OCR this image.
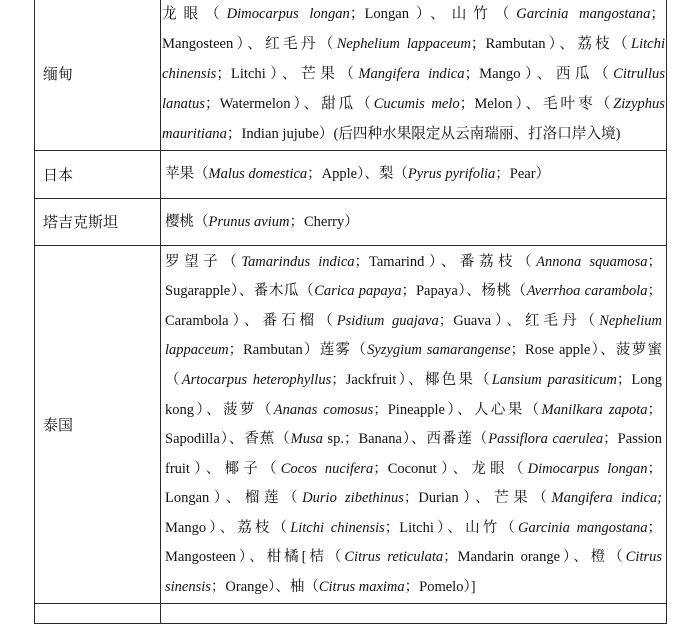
缅甸	龙眼（Dimocarpus longan；Longan）、山竹（Garcinia mangostana；Mangosteen）、红毛丹（Nephelium lappaceum；Rambutan）、荔枝（Litchi chinensis；Litchi）、芒果（Mangifera indica；Mango）、西瓜（Citrullus lanatus；Watermelon）、甜瓜（Cucumis melo；Melon）、毛叶枣（Zizyphus mauritiana；Indian jujube）(后四种水果限定从云南瑞丽、打洛口岸入境)
日本	苹果（Malus domestica；Apple）、梨（Pyrus pyrifolia；Pear）
塔吉克斯坦	樱桃（Prunus avium；Cherry）
泰国	罗望子（Tamarindus indica；Tamarind）、番荔枝（Annona squamosa；Sugarapple）、番木瓜（Carica papaya；Papaya）、杨桃（Averrhoa carambola；Carambola）、番石榴（Psidium guajava；Guava）、红毛丹（Nephelium lappaceum；Rambutan）莲雾（Syzygium samarangense；Rose apple）、菠萝蜜（Artocarpus heterophyllus；Jackfruit）、椰色果（Lansium parasiticum；Long kong）、菠萝（Ananas comosus；Pineapple）、人心果（Manilkara zapota；Sapodilla）、香蕉（Musa sp.；Banana）、西番莲（Passiflora caerulea；Passion fruit）、椰子（Cocos nucifera；Coconut）、龙眼（Dimocarpus longan；Longan）、榴莲（Durio zibethinus；Durian）、芒果（Mangifera indica; Mango）、荔枝（Litchi chinensis；Litchi）、山竹（Garcinia mangostana；Mangosteen）、柑橘[桔（Citrus reticulata；Mandarin orange）、橙（Citrus sinensis；Orange）、柚（Citrus maxima；Pomelo）]
